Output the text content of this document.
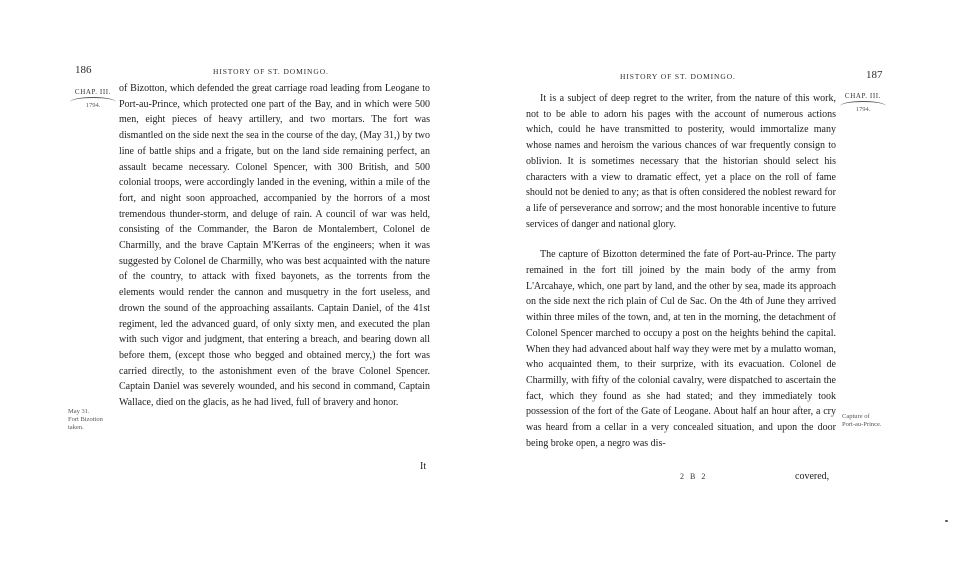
186	HISTORY OF ST. DOMINGO.
CHAP. III.
1794.

of Bizotton, which defended the great carriage road leading from Leogane to Port-au-Prince, which protected one part of the Bay, and in which were 500 men, eight pieces of heavy artillery, and two mortars. The fort was dismantled on the side next the sea in the course of the day, (May 31,) by two line of battle ships and a frigate, but on the land side remaining perfect, an assault became necessary. Colonel Spencer, with 300 British, and 500 colonial troops, were accordingly landed in the evening, within a mile of the fort, and night soon approached, accompanied by the horrors of a most tremendous thunder-storm, and deluge of rain. A council of war was held, consisting of the Commander, the Baron de Montalembert, Colonel de Charmilly, and the brave Captain M'Kerras of the engineers; when it was suggested by Colonel de Charmilly, who was best acquainted with the nature of the country, to attack with fixed bayonets, as the torrents from the elements would render the cannon and musquetry in the fort useless, and drown the sound of the approaching assailants. Captain Daniel, of the 41st regiment, led the advanced guard, of only sixty men, and executed the plan with such vigor and judgment, that entering a breach, and bearing down all before them, (except those who begged and obtained mercy,) the fort was carried directly, to the astonishment even of the brave Colonel Spencer. Captain Daniel was severely wounded, and his second in command, Captain Wallace, died on the glacis, as he had lived, full of bravery and honor.

May 31.
Fort Bizotton taken.
It
HISTORY OF ST. DOMINGO.	187
CHAP. III.
1794.

It is a subject of deep regret to the writer, from the nature of this work, not to be able to adorn his pages with the account of numerous actions which, could he have transmitted to posterity, would immortalize many whose names and heroism the various chances of war frequently consign to oblivion. It is sometimes necessary that the historian should select his characters with a view to dramatic effect, yet a place on the roll of fame should not be denied to any; as that is often considered the noblest reward for a life of perseverance and sorrow; and the most honorable incentive to future services of danger and national glory.

The capture of Bizotton determined the fate of Port-au-Prince. The party remained in the fort till joined by the main body of the army from L'Arcahaye, which, one part by land, and the other by sea, made its approach on the side next the rich plain of Cul de Sac. On the 4th of June they arrived within three miles of the town, and, at ten in the morning, the detachment of Colonel Spencer marched to occupy a post on the heights behind the capital. When they had advanced about half way they were met by a mulatto woman, who acquainted them, to their surprize, with its evacuation. Colonel de Charmilly, with fifty of the colonial cavalry, were dispatched to ascertain the fact, which they found as she had stated; and they immediately took possession of the fort of the Gate of Leogane. About half an hour after, a cry was heard from a cellar in a very concealed situation, and upon the door being broke open, a negro was dis-

Capture of Port-au-Prince.
2 B 2	covered,
